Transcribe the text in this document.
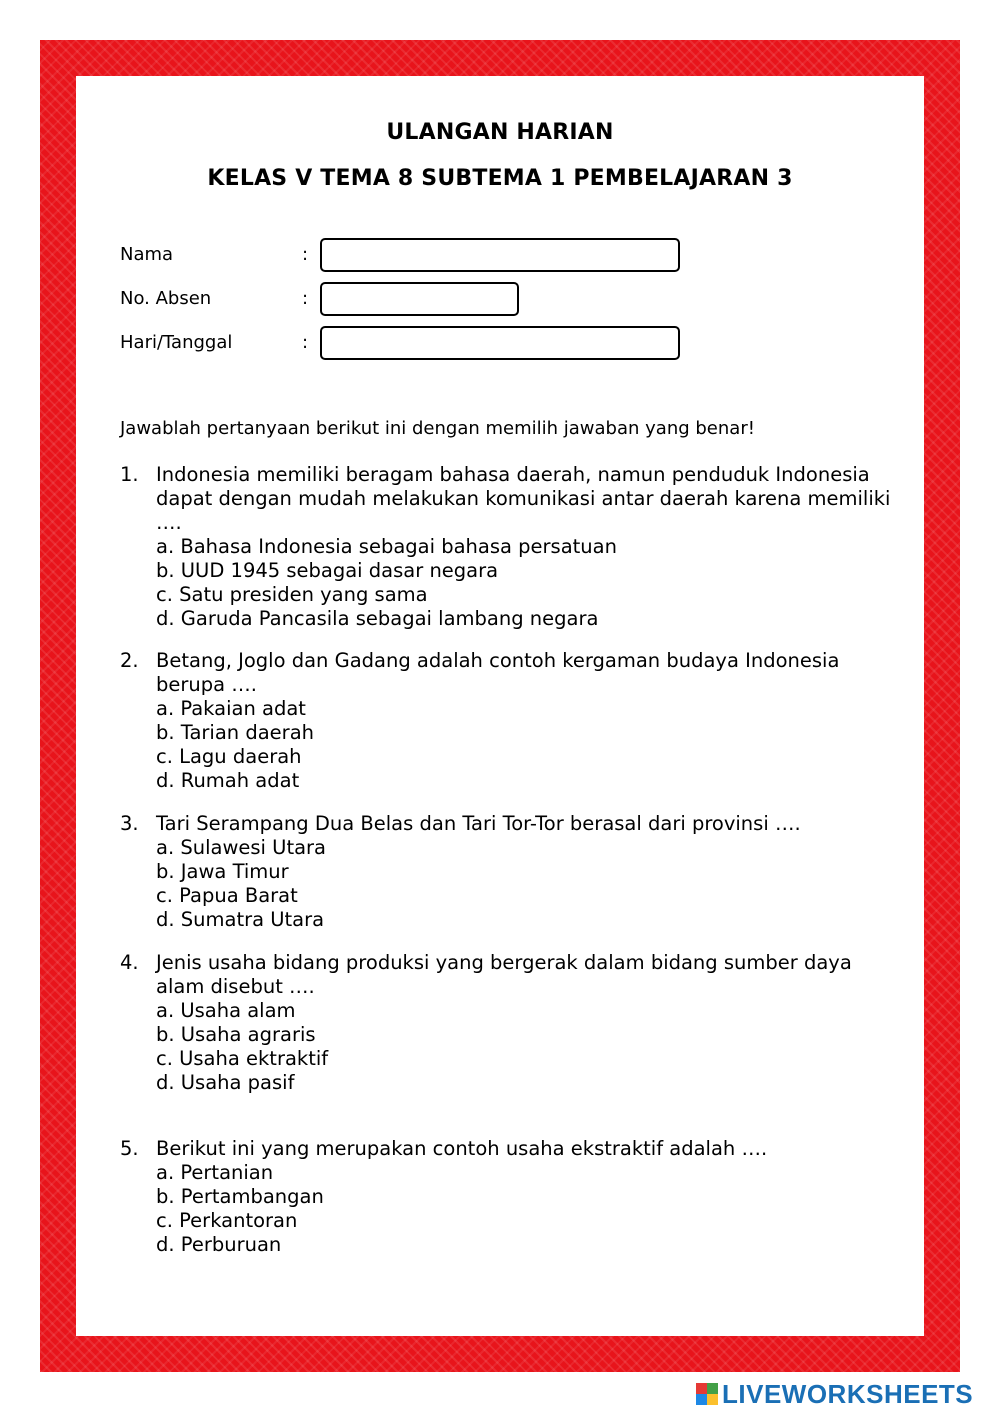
ULANGAN HARIAN
KELAS V TEMA 8 SUBTEMA 1 PEMBELAJARAN 3
Nama	:
No. Absen	:
Hari/Tanggal	:
Jawablah pertanyaan berikut ini dengan memilih jawaban yang benar!
1. Indonesia memiliki beragam bahasa daerah, namun penduduk Indonesia dapat dengan mudah melakukan komunikasi antar daerah karena memiliki ….
a. Bahasa Indonesia sebagai bahasa persatuan
b. UUD 1945 sebagai dasar negara
c. Satu presiden yang sama
d. Garuda Pancasila sebagai lambang negara
2. Betang, Joglo dan Gadang adalah contoh kergaman budaya Indonesia berupa ….
a. Pakaian adat
b. Tarian daerah
c. Lagu daerah
d. Rumah adat
3. Tari Serampang Dua Belas dan Tari Tor-Tor berasal dari provinsi ….
a. Sulawesi Utara
b. Jawa Timur
c. Papua Barat
d. Sumatra Utara
4. Jenis usaha bidang produksi yang bergerak dalam bidang sumber daya alam disebut ….
a. Usaha alam
b. Usaha agraris
c. Usaha ektraktif
d. Usaha pasif
5. Berikut ini yang merupakan contoh usaha ekstraktif adalah ….
a. Pertanian
b. Pertambangan
c. Perkantoran
d. Perburuan
LIVEWORKSHEETS
